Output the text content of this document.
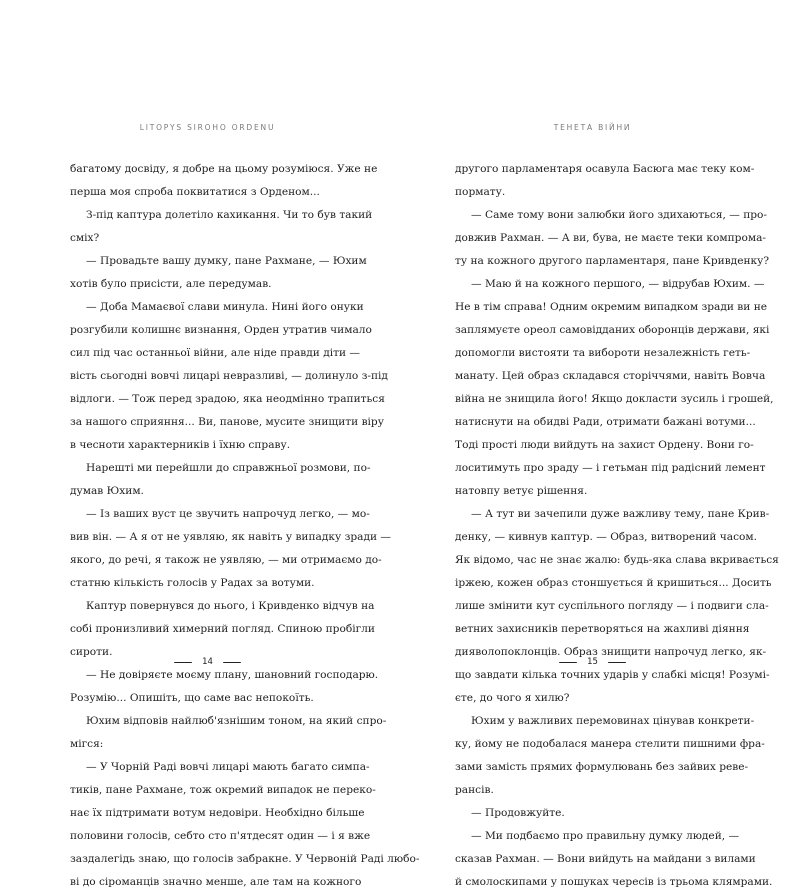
LITOPYS SIROHO ORDENU
багатому досвіду, я добре на цьому розуміюся. Уже не
перша моя спроба поквитатися з Орденом...
З-під каптура долетіло кахикання. Чи то був такий
сміх?
— Провадьте вашу думку, пане Рахмане, — Юхим
хотів було присісти, але передумав.
— Доба Мамаєвої слави минула. Нині його онуки
розгубили колишнє визнання, Орден утратив чимало
сил під час останньої війни, але ніде правди діти —
вість сьогодні вовчі лицарі невразливі, — долинуло з-під
відлоги. — Тож перед зрадою, яка неодмінно трапиться
за нашого сприяння... Ви, панове, мусите знищити віру
в чесноти характерників і їхню справу.
Нарешті ми перейшли до справжньої розмови, по-
думав Юхим.
— Із ваших вуст це звучить напрочуд легко, — мо-
вив він. — А я от не уявляю, як навіть у випадку зради —
якого, до речі, я також не уявляю, — ми отримаємо до-
статню кількість голосів у Радах за вотуми.
Каптур повернувся до нього, і Кривденко відчув на
собі пронизливий химерний погляд. Спиною пробігли
сироти.
— Не довіряєте моєму плану, шановний господарю.
Розумію... Опишіть, що саме вас непокоїть.
Юхим відповів найлюб'язнішим тоном, на який спро-
мігся:
— У Чорній Раді вовчі лицарі мають багато симпа-
тиків, пане Рахмане, тож окремий випадок не переко-
нає їх підтримати вотум недовіри. Необхідно більше
половини голосів, себто сто п'ятдесят один — і я вже
заздалегідь знаю, що голосів забракне. У Червоній Раді любо-
ві до сіроманців значно менше, але там на кожного
14
ТЕНЕТА ВІЙНИ
другого парламентаря осавула Басюга має теку ком-
пормату.
— Саме тому вони залюбки його здихаються, — про-
довжив Рахман. — А ви, бува, не маєте теки компрома-
ту на кожного другого парламентаря, пане Кривденку?
— Маю й на кожного першого, — відрубав Юхим. —
Не в тім справа! Одним окремим випадком зради ви не
заплямуєте ореол самовідданих оборонців держави, які
допомогли вистояти та вибороти незалежність геть-
манату. Цей образ складався сторіччями, навіть Вовча
війна не знищила його! Якщо докласти зусиль і грошей,
натиснути на обидві Ради, отримати бажані вотуми...
Тоді прості люди вийдуть на захист Ордену. Вони го-
лоситимуть про зраду — і гетьман під радісний лемент
натовпу ветує рішення.
— А тут ви зачепили дуже важливу тему, пане Крив-
денку, — кивнув каптур. — Образ, витворений часом.
Як відомо, час не знає жалю: будь-яка слава вкривається
іржею, кожен образ стоншується й кришиться... Досить
лише змінити кут суспільного погляду — і подвиги сла-
ветних захисників перетворяться на жахливі діяння
дияволопоклонців. Образ знищити напрочуд легко, як-
що завдати кілька точних ударів у слабкі місця! Розумі-
єте, до чого я хилю?
Юхим у важливих перемовинах цінував конкрети-
ку, йому не подобалася манера стелити пишними фра-
зами замість прямих формулювань без зайвих реве-
рансів.
— Продовжуйте.
— Ми подбаємо про правильну думку людей, —
сказав Рахман. — Вони вийдуть на майдани з вилами
й смолоскипами у пошуках чересів із трьома клямрами.
15
